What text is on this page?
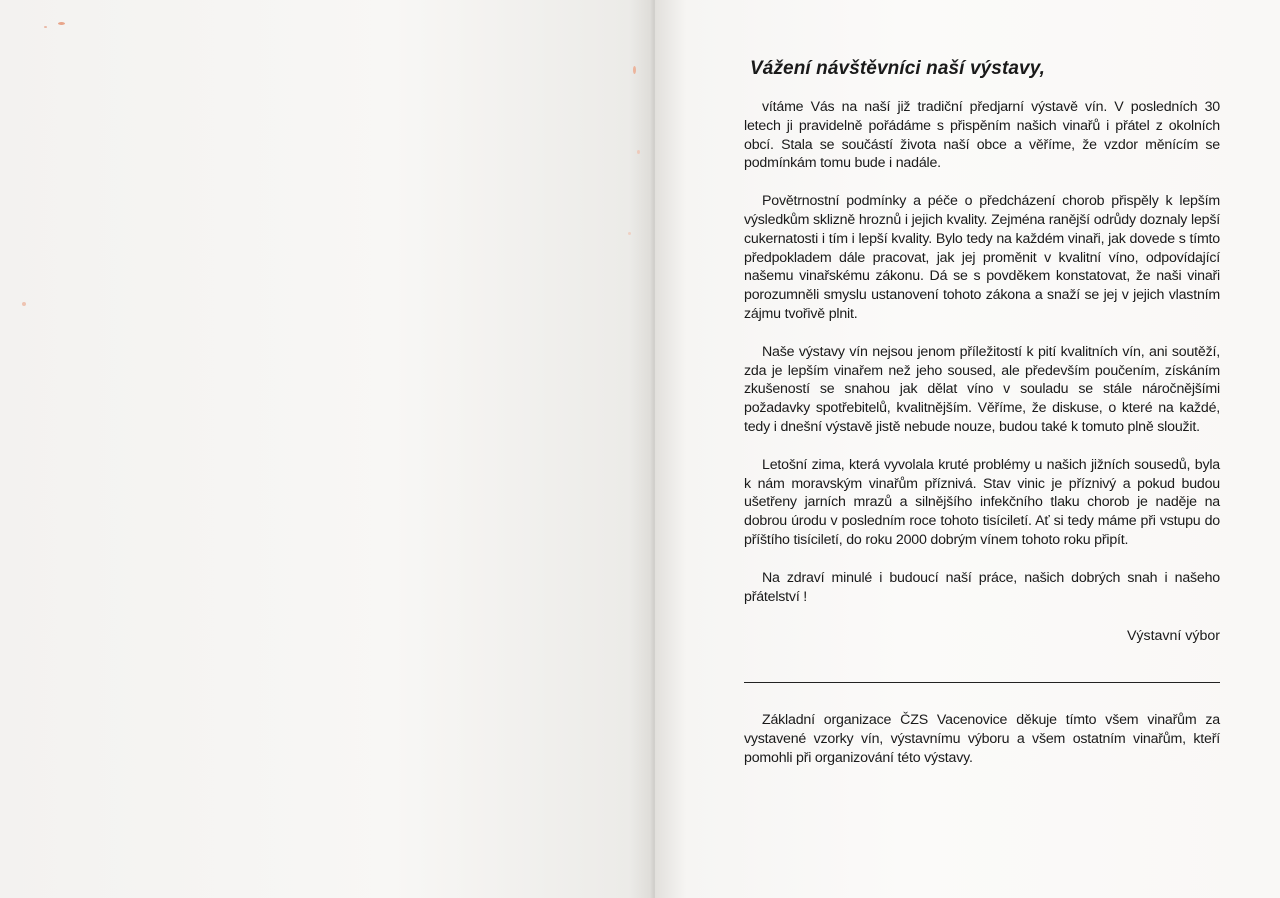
Vážení návštěvníci naší výstavy,

vítáme Vás na naší již tradiční předjarní výstavě vín. V posledních 30 letech ji pravidelně pořádáme s přispěním našich vinařů i přátel z okolních obcí. Stala se součástí života naší obce a věříme, že vzdor měnícím se podmínkám tomu bude i nadále.

Povětrnostní podmínky a péče o předcházení chorob přispěly k lepším výsledkům sklizně hroznů i jejich kvality. Zejména ranější odrůdy doznaly lepší cukernatosti i tím i lepší kvality. Bylo tedy na každém vinaři, jak dovede s tímto předpokladem dále pracovat, jak jej proměnit v kvalitní víno, odpovídající našemu vinařskému zákonu. Dá se s povděkem konstatovat, že naši vinaři porozumněli smyslu ustanovení tohoto zákona a snaží se jej v jejich vlastním zájmu tvořivě plnit.

Naše výstavy vín nejsou jenom příležitostí k pití kvalitních vín, ani soutěží, zda je lepším vinařem než jeho soused, ale především poučením, získáním zkušeností se snahou jak dělat víno v souladu se stále náročnějšími požadavky spotřebitelů, kvalitnějším. Věříme, že diskuse, o které na každé, tedy i dnešní výstavě jistě nebude nouze, budou také k tomuto plně sloužit.

Letošní zima, která vyvolala kruté problémy u našich jižních sousedů, byla k nám moravským vinařům příznivá. Stav vinic je příznivý a pokud budou ušetřeny jarních mrazů a silnějšího infekčního tlaku chorob je naděje na dobrou úrodu v posledním roce tohoto tisíciletí. Ať si tedy máme při vstupu do příštího tisíciletí, do roku 2000 dobrým vínem tohoto roku připít.

Na zdraví minulé i budoucí naší práce, našich dobrých snah i našeho přátelství !

Výstavní výbor

Základní organizace ČZS Vacenovice děkuje tímto všem vinařům za vystavené vzorky vín, výstavnímu výboru a všem ostatním vinařům, kteří pomohli při organizování této výstavy.
